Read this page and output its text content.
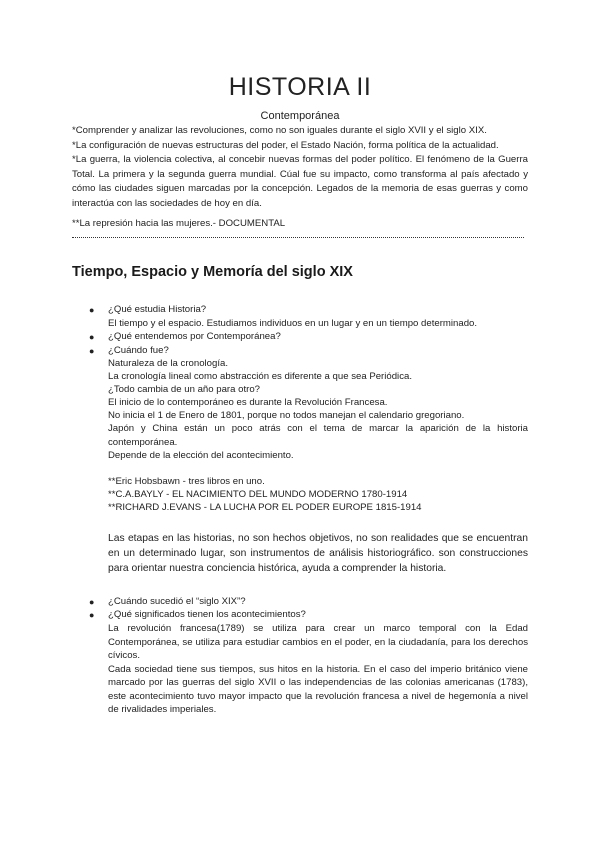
HISTORIA II
Contemporánea

*Comprender y analizar las revoluciones, como no son iguales durante el siglo XVII y el siglo XIX.

*La configuración de nuevas estructuras del poder, el Estado Nación, forma política de la actualidad.

*La guerra, la violencia colectiva, al concebir nuevas formas del poder político. El fenómeno de la Guerra Total. La primera y la segunda guerra mundial. Cúal fue su impacto, como transforma al país afectado y cómo las ciudades siguen marcadas por la concepción. Legados de la memoria de esas guerras y como interactúa con las sociedades de hoy en día.

**La represión hacia las mujeres.- DOCUMENTAL
Tiempo, Espacio y Memoría del siglo XIX
● ¿Qué estudia Historia?
El tiempo y el espacio. Estudiamos individuos en un lugar y en un tiempo determinado.
● ¿Qué entendemos por Contemporánea?
● ¿Cuándo fue?
Naturaleza de la cronología.
La cronología lineal como abstracción es diferente a que sea Periódica.
¿Todo cambia de un año para otro?
El inicio de lo contemporáneo es durante la Revolución Francesa.
No inicia el 1 de Enero de 1801, porque no todos manejan el calendario gregoriano.

Japón y China están un poco atrás con el tema de marcar la aparición de la historia contemporánea.

Depende de la elección del acontecimiento.
**Eric Hobsbawn - tres libros en uno.
**C.A.BAYLY - EL NACIMIENTO DEL MUNDO MODERNO 1780-1914
**RICHARD J.EVANS - LA LUCHA POR EL PODER EUROPE 1815-1914
Las etapas en las historias, no son hechos objetivos, no son realidades que se encuentran en un determinado lugar, son instrumentos de análisis historiográfico. son construcciones para orientar nuestra conciencia histórica, ayuda a comprender la historia.
● ¿Cuándo sucedió el “siglo XIX”?
● ¿Qué significados tienen los acontecimientos?

La revolución francesa(1789) se utiliza para crear un marco temporal con la Edad Contemporánea, se utiliza para estudiar cambios en el poder, en la ciudadanía, para los derechos cívicos.

Cada sociedad tiene sus tiempos, sus hitos en la historia. En el caso del imperio británico viene marcado por las guerras del siglo XVII o las independencias de las colonias americanas (1783), este acontecimiento tuvo mayor impacto que la revolución francesa a nivel de hegemonía a nivel de rivalidades imperiales.
